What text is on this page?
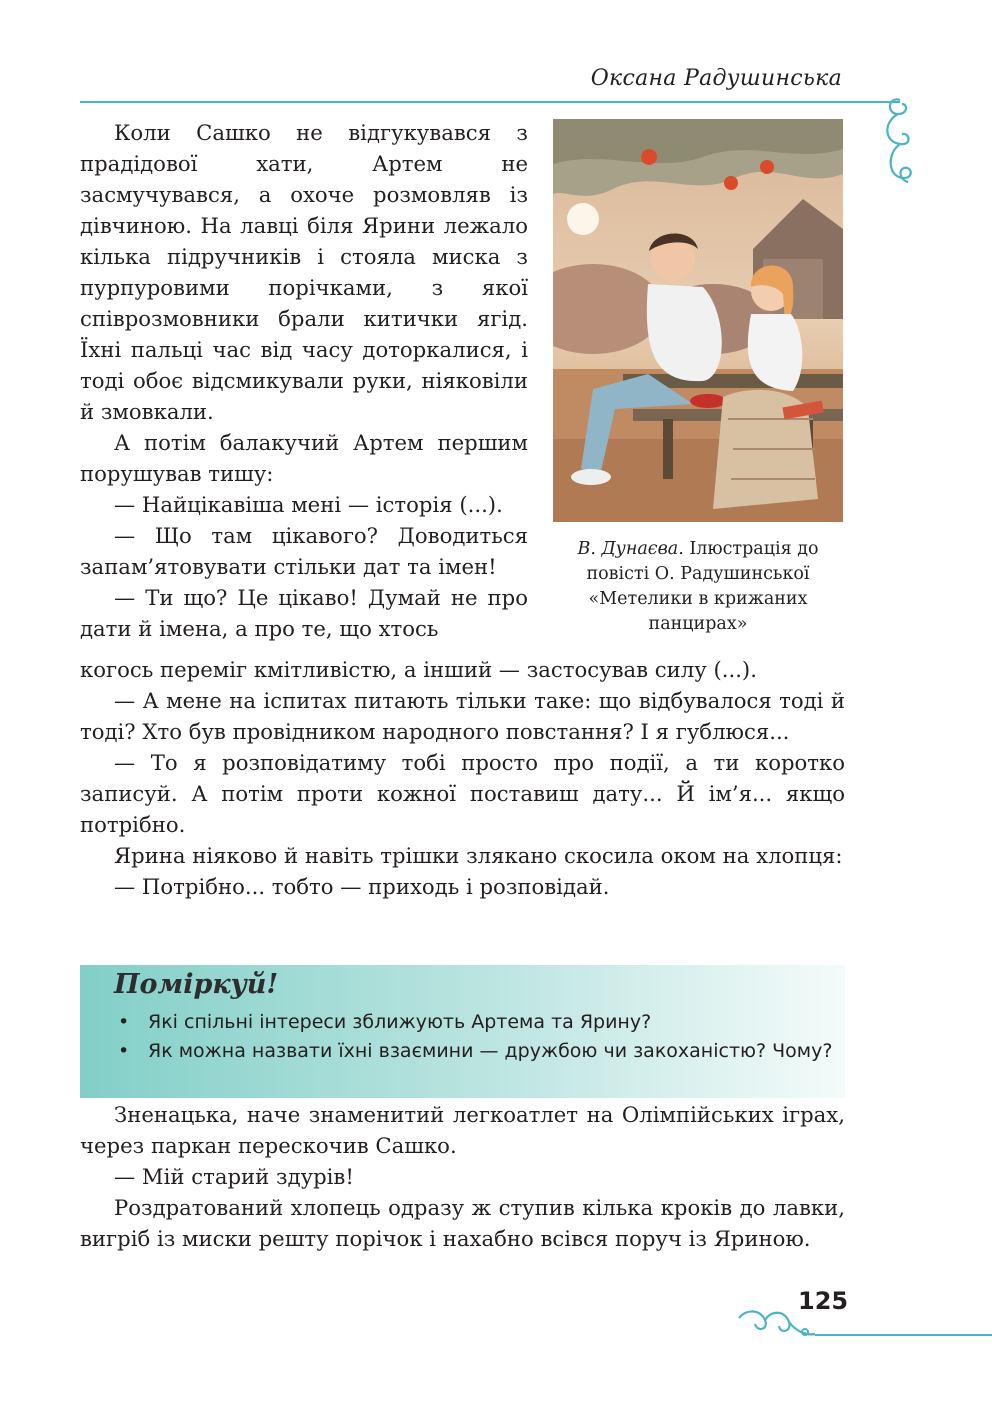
Оксана Радушинська
В. Дунаєва. Ілюстрація до повісті О. Радушинської «Метелики в крижаних панцирах»

Коли Сашко не відгукувався з прадідової хати, Артем не засмучувався, а охоче розмовляв із дівчиною. На лавці біля Ярини лежало кілька підручників і стояла миска з пурпуровими порічками, з якої співрозмовники брали китички ягід. Їхні пальці час від часу доторкалися, і тоді обоє відсмикували руки, ніяковіли й змовкали.

А потім балакучий Артем першим порушував тишу:

— Найцікавіша мені — історія (...).

— Що там цікавого? Доводиться запам’ятовувати стільки дат та імен!

— Ти що? Це цікаво! Думай не про дати й імена, а про те, що хтось

когось переміг кмітливістю, а інший — застосував силу (...).

— А мене на іспитах питають тільки таке: що відбувалося тоді й тоді? Хто був провідником народного повстання? І я гублюся...

— То я розповідатиму тобі просто про події, а ти коротко записуй. А потім проти кожної поставиш дату... Й ім’я... якщо потрібно.

Ярина ніяково й навіть трішки злякано скосила оком на хлопця:

— Потрібно... тобто — приходь і розповідай.

Поміркуй!
• Які спільні інтереси зближують Артема та Ярину?
• Як можна назвати їхні взаємини — дружбою чи закоханістю? Чому?

Зненацька, наче знаменитий легкоатлет на Олімпійських іграх, через паркан перескочив Сашко.

— Мій старий здурів!

Роздратований хлопець одразу ж ступив кілька кроків до лавки, вигріб із миски решту порічок і нахабно всівся поруч із Яриною.

125
